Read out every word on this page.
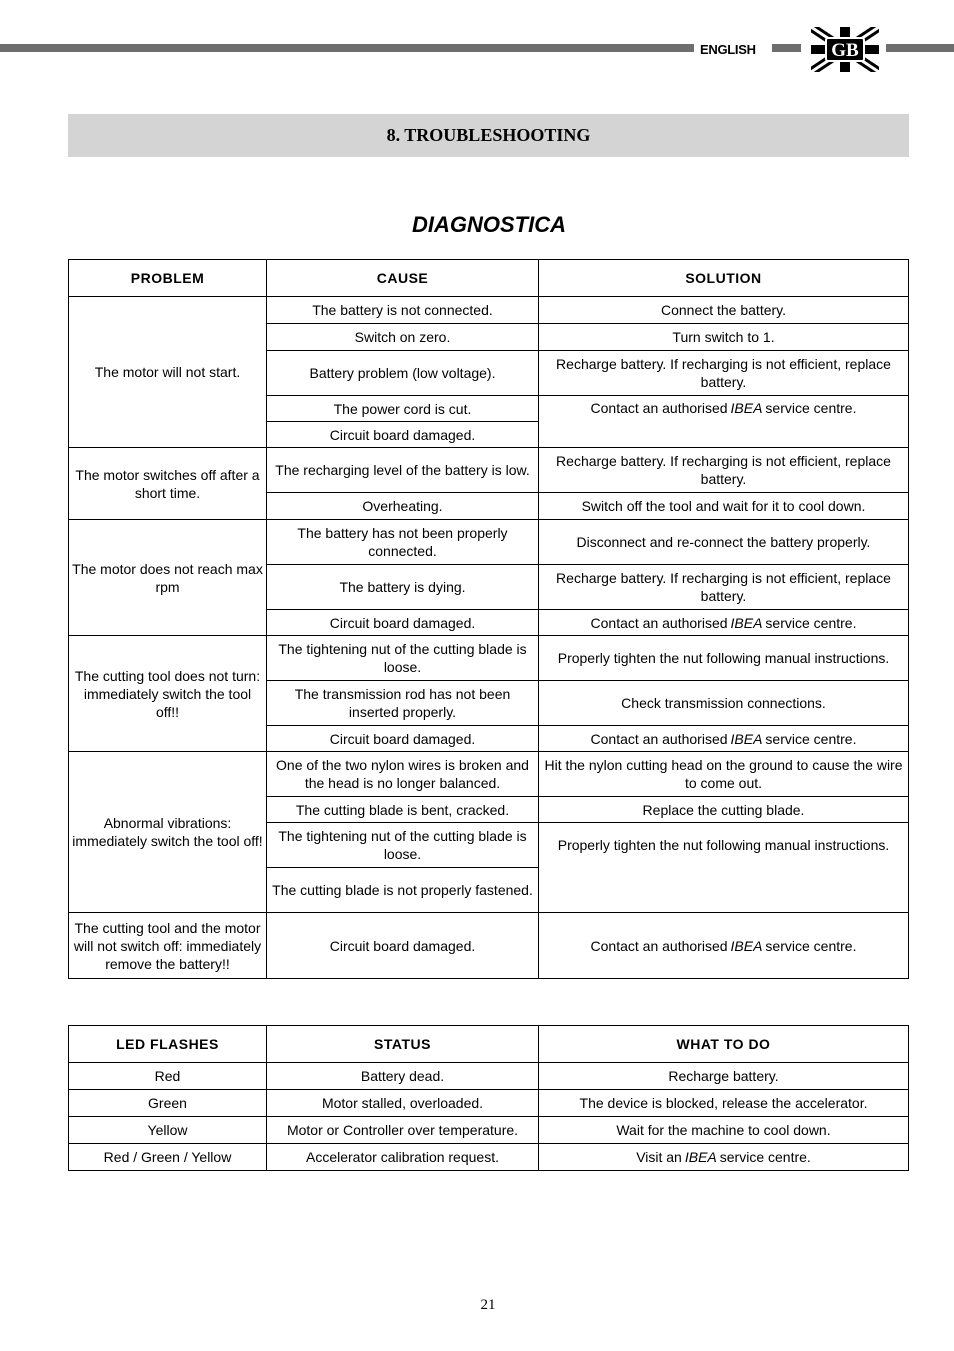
ENGLISH	GB
8. TROUBLESHOOTING
DIAGNOSTICA
PROBLEM	CAUSE	SOLUTION
The motor will not start.	The battery is not connected.	Connect the battery.
	Switch on zero.	Turn switch to 1.
	Battery problem (low voltage).	Recharge battery. If recharging is not efficient, replace battery.
	The power cord is cut.	Contact an authorised IBEA service centre.
	Circuit board damaged.	
The motor switches off after a short time.	The recharging level of the battery is low.	Recharge battery. If recharging is not efficient, replace battery.
	Overheating.	Switch off the tool and wait for it to cool down.
The motor does not reach max rpm	The battery has not been properly connected.	Disconnect and re-connect the battery properly.
	The battery is dying.	Recharge battery. If recharging is not efficient, replace battery.
	Circuit board damaged.	Contact an authorised IBEA service centre.
The cutting tool does not turn: immediately switch the tool off!!	The tightening nut of the cutting blade is loose.	Properly tighten the nut following manual instructions.
	The transmission rod has not been inserted properly.	Check transmission connections.
	Circuit board damaged.	Contact an authorised IBEA service centre.
Abnormal vibrations: immediately switch the tool off!	One of the two nylon wires is broken and the head is no longer balanced.	Hit the nylon cutting head on the ground to cause the wire to come out.
	The cutting blade is bent, cracked.	Replace the cutting blade.
	The tightening nut of the cutting blade is loose.	Properly tighten the nut following manual instructions.
	The cutting blade is not properly fastened.	
The cutting tool and the motor will not switch off: immediately remove the battery!!	Circuit board damaged.	Contact an authorised IBEA service centre.
LED FLASHES	STATUS	WHAT TO DO
Red	Battery dead.	Recharge battery.
Green	Motor stalled, overloaded.	The device is blocked, release the accelerator.
Yellow	Motor or Controller over temperature.	Wait for the machine to cool down.
Red / Green / Yellow	Accelerator calibration request.	Visit an IBEA service centre.
21
